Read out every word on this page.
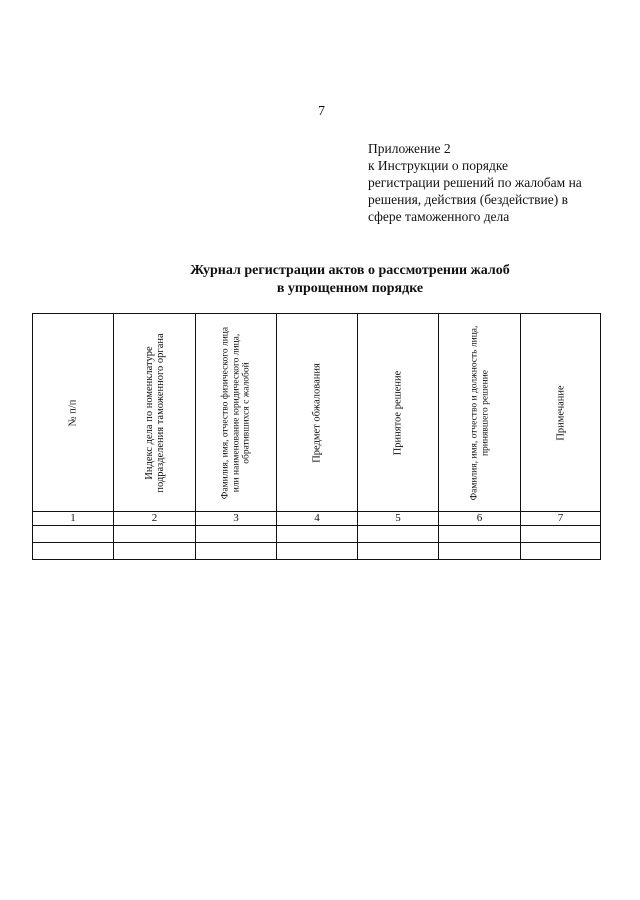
7
Приложение 2
к Инструкции о порядке
регистрации решений по жалобам на
решения, действия (бездействие) в
сфере таможенного дела
Журнал регистрации актов о рассмотрении жалоб
в упрощенном порядке
№ п/п	Индекс дела по номенклатуре подразделения таможенного органа	Фамилия, имя, отчество физического лица или наименование юридического лица, обратившихся с жалобой	Предмет обжалования	Принятое решение	Фамилия, имя, отчество и должность лица, принявшего решение	Примечание

1	2	3	4	5	6	7
